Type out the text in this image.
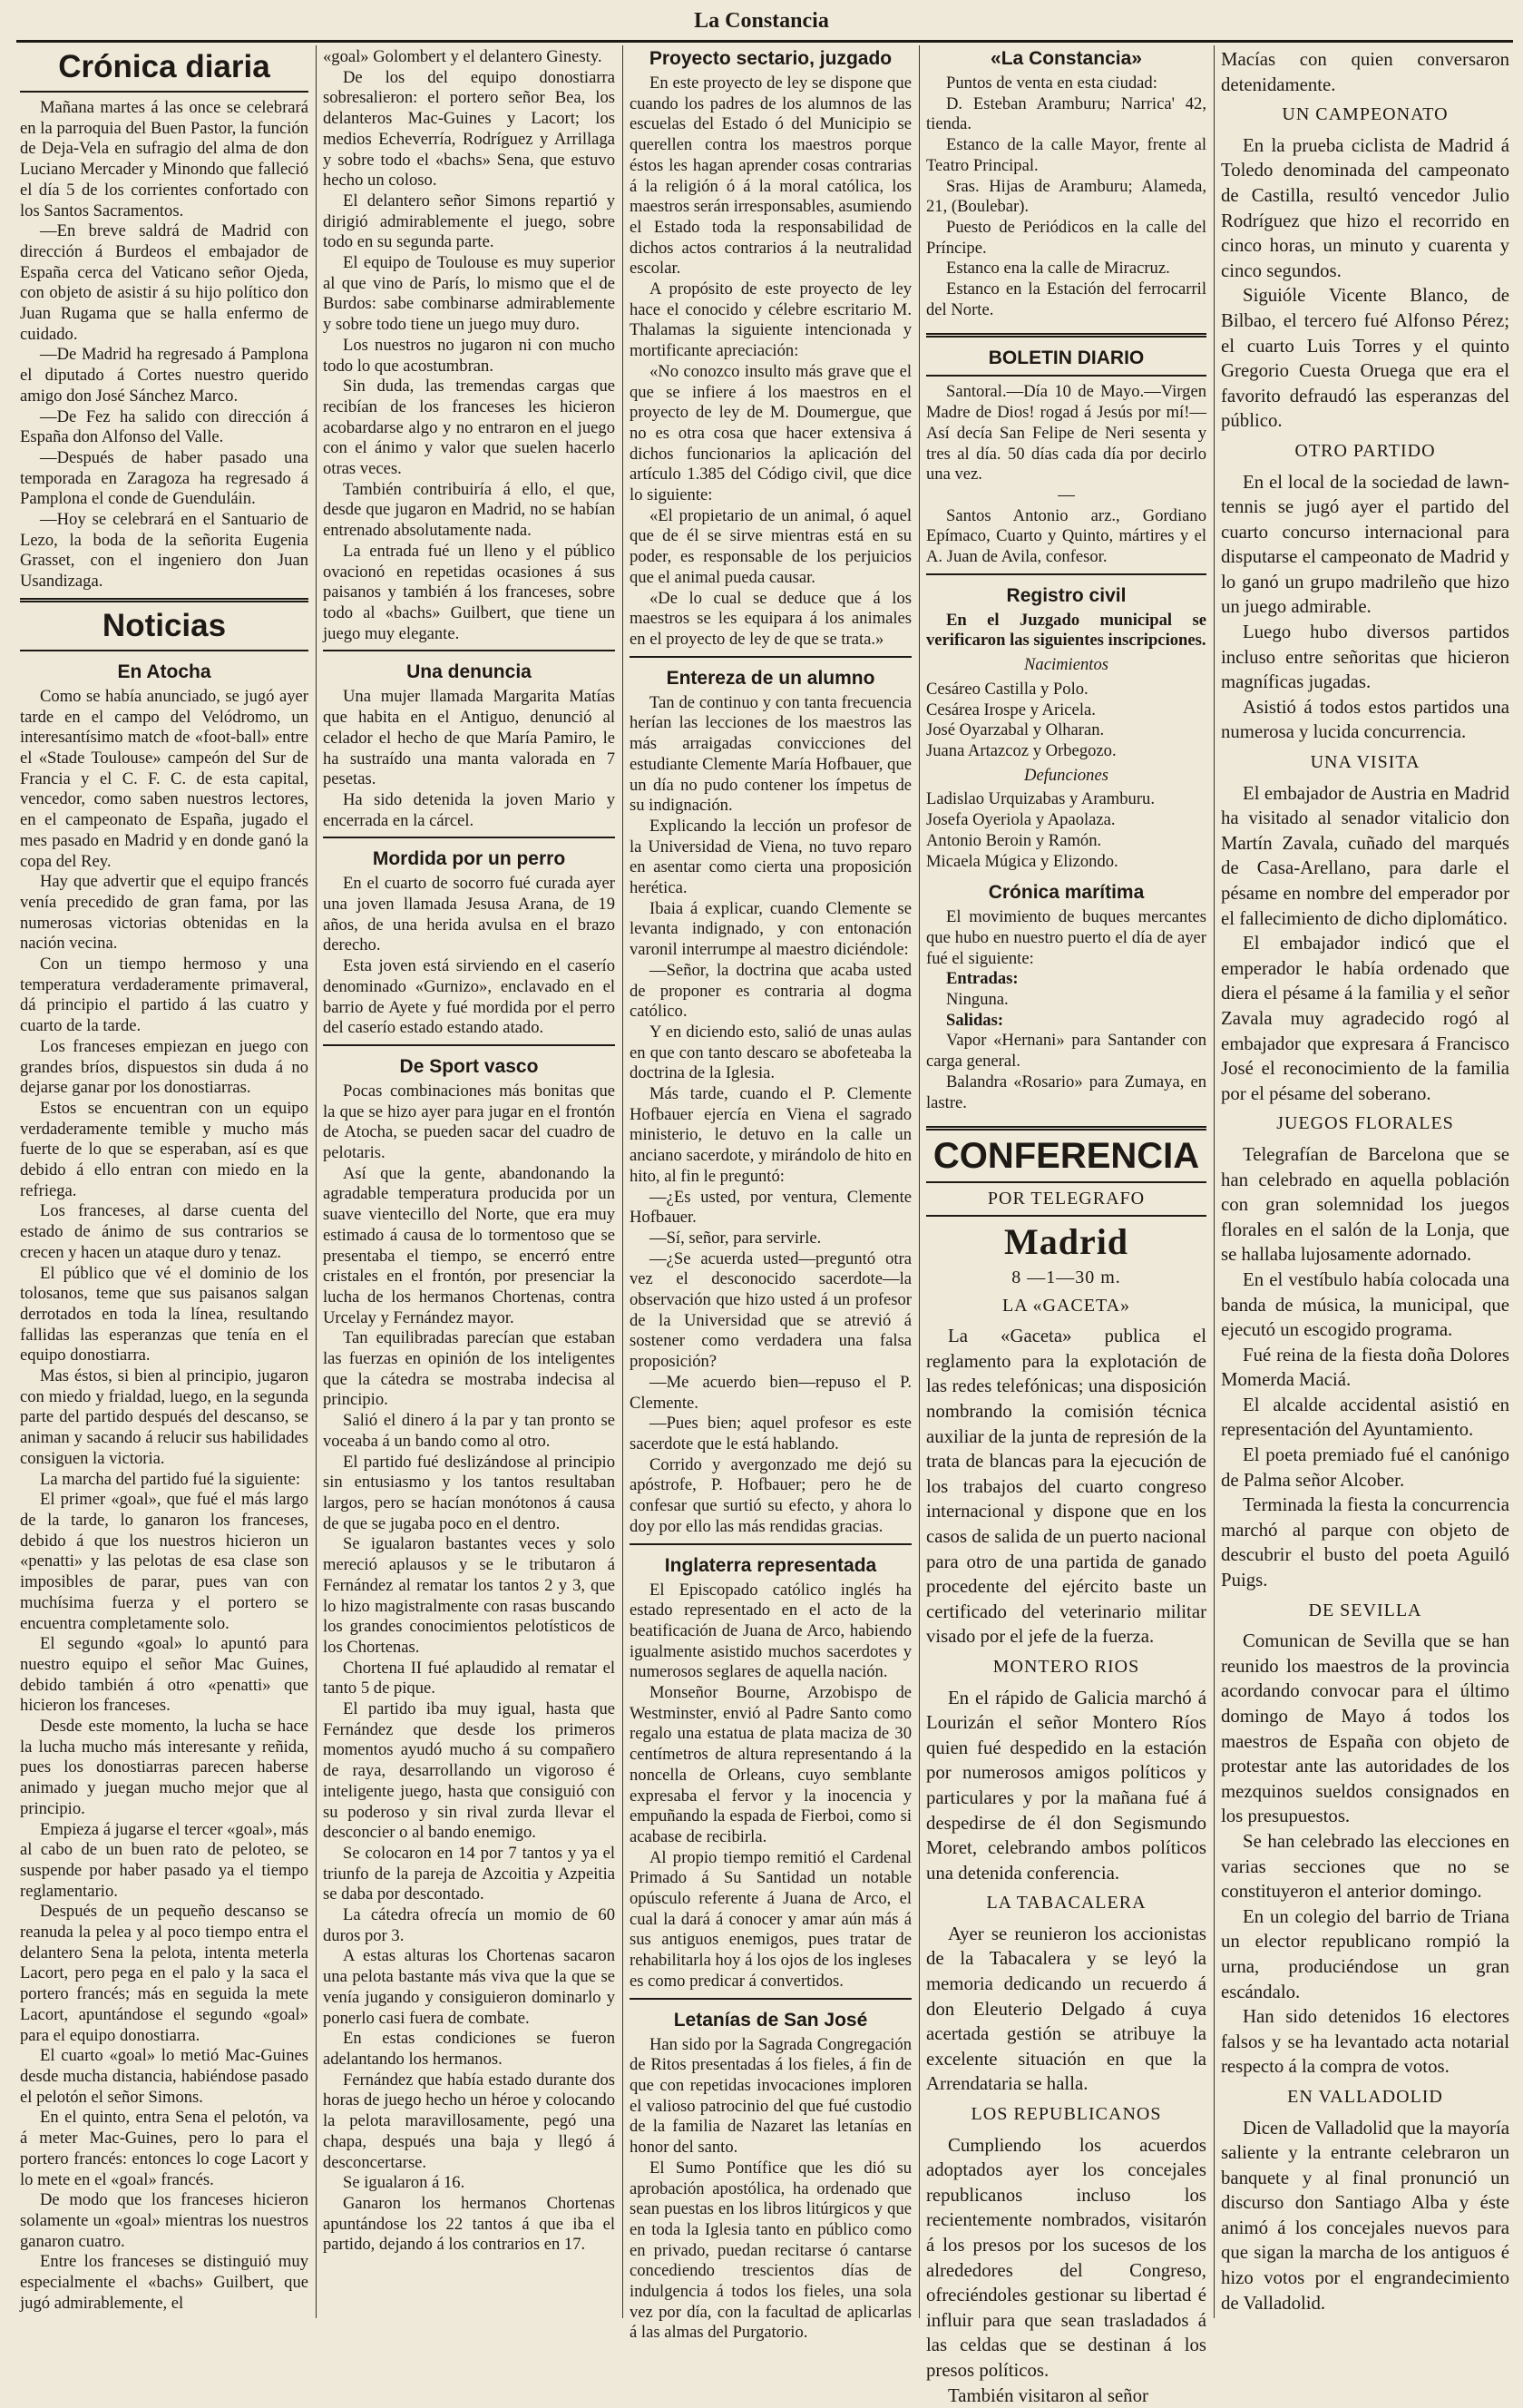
La Constancia
Crónica diaria

Mañana martes á las once se celebrará en la parroquia del Buen Pastor, la función de Deja-Vela en sufragio del alma de don Luciano Mercader y Minondo que falleció el día 5 de los corrientes confortado con los Santos Sacramentos.

—En breve saldrá de Madrid con dirección á Burdeos el embajador de España cerca del Vaticano señor Ojeda, con objeto de asistir á su hijo político don Juan Rugama que se halla enfermo de cuidado.

—De Madrid ha regresado á Pamplona el diputado á Cortes nuestro querido amigo don José Sánchez Marco.

—De Fez ha salido con dirección á España don Alfonso del Valle.

—Después de haber pasado una temporada en Zaragoza ha regresado á Pamplona el conde de Guenduláin.

—Hoy se celebrará en el Santuario de Lezo, la boda de la señorita Eugenia Grasset, con el ingeniero don Juan Usandizaga.

Noticias
En Atocha

Como se había anunciado, se jugó ayer tarde en el campo del Velódromo, un interesantísimo match de «foot-ball» entre el «Stade Toulouse» campeón del Sur de Francia y el C. F. C. de esta capital, vencedor, como saben nuestros lectores, en el campeonato de España, jugado el mes pasado en Madrid y en donde ganó la copa del Rey.

Hay que advertir que el equipo francés venía precedido de gran fama, por las numerosas victorias obtenidas en la nación vecina.

Con un tiempo hermoso y una temperatura verdaderamente primaveral, dá principio el partido á las cuatro y cuarto de la tarde.

Los franceses empiezan en juego con grandes bríos, dispuestos sin duda á no dejarse ganar por los donostiarras.

Estos se encuentran con un equipo verdaderamente temible y mucho más fuerte de lo que se esperaban, así es que debido á ello entran con miedo en la refriega.

Los franceses, al darse cuenta del estado de ánimo de sus contrarios se crecen y hacen un ataque duro y tenaz.

El público que vé el dominio de los tolosanos, teme que sus paisanos salgan derrotados en toda la línea, resultando fallidas las esperanzas que tenía en el equipo donostiarra.

Mas éstos, si bien al principio, jugaron con miedo y frialdad, luego, en la segunda parte del partido después del descanso, se animan y sacando á relucir sus habilidades consiguen la victoria.

La marcha del partido fué la siguiente:

El primer «goal», que fué el más largo de la tarde, lo ganaron los franceses, debido á que los nuestros hicieron un «penatti» y las pelotas de esa clase son imposibles de parar, pues van con muchísima fuerza y el portero se encuentra completamente solo.

El segundo «goal» lo apuntó para nuestro equipo el señor Mac Guines, debido también á otro «penatti» que hicieron los franceses.

Desde este momento, la lucha se hace la lucha mucho más interesante y reñida, pues los donostiarras parecen haberse animado y juegan mucho mejor que al principio.

Empieza á jugarse el tercer «goal», más al cabo de un buen rato de peloteo, se suspende por haber pasado ya el tiempo reglamentario.

Después de un pequeño descanso se reanuda la pelea y al poco tiempo entra el delantero Sena la pelota, intenta meterla Lacort, pero pega en el palo y la saca el portero francés; más en seguida la mete Lacort, apuntándose el segundo «goal» para el equipo donostiarra.

El cuarto «goal» lo metió Mac-Guines desde mucha distancia, habiéndose pasado el pelotón el señor Simons.

En el quinto, entra Sena el pelotón, va á meter Mac-Guines, pero lo para el portero francés: entonces lo coge Lacort y lo mete en el «goal» francés.

De modo que los franceses hicieron solamente un «goal» mientras los nuestros ganaron cuatro.

Entre los franceses se distinguió muy especialmente el «bachs» Guilbert, que jugó admirablemente, el

«goal» Golombert y el delantero Ginesty.

De los del equipo donostiarra sobresalieron: el portero señor Bea, los delanteros Mac-Guines y Lacort; los medios Echeverría, Rodríguez y Arrillaga y sobre todo el «bachs» Sena, que estuvo hecho un coloso.

El delantero señor Simons repartió y dirigió admirablemente el juego, sobre todo en su segunda parte.

El equipo de Toulouse es muy superior al que vino de París, lo mismo que el de Burdos: sabe combinarse admirablemente y sobre todo tiene un juego muy duro.

Los nuestros no jugaron ni con mucho todo lo que acostumbran.

Sin duda, las tremendas cargas que recibían de los franceses les hicieron acobardarse algo y no entraron en el juego con el ánimo y valor que suelen hacerlo otras veces.

También contribuiría á ello, el que, desde que jugaron en Madrid, no se habían entrenado absolutamente nada.

La entrada fué un lleno y el público ovacionó en repetidas ocasiones á sus paisanos y también á los franceses, sobre todo al «bachs» Guilbert, que tiene un juego muy elegante.

Una denuncia

Una mujer llamada Margarita Matías que habita en el Antiguo, denunció al celador el hecho de que María Pamiro, le ha sustraído una manta valorada en 7 pesetas.

Ha sido detenida la joven Mario y encerrada en la cárcel.

Mordida por un perro

En el cuarto de socorro fué curada ayer una joven llamada Jesusa Arana, de 19 años, de una herida avulsa en el brazo derecho.

Esta joven está sirviendo en el caserío denominado «Gurnizo», enclavado en el barrio de Ayete y fué mordida por el perro del caserío estado estando atado.

De Sport vasco

Pocas combinaciones más bonitas que la que se hizo ayer para jugar en el frontón de Atocha, se pueden sacar del cuadro de pelotaris.

Así que la gente, abandonando la agradable temperatura producida por un suave vientecillo del Norte, que era muy estimado á causa de lo tormentoso que se presentaba el tiempo, se encerró entre cristales en el frontón, por presenciar la lucha de los hermanos Chortenas, contra Urcelay y Fernández mayor.

Tan equilibradas parecían que estaban las fuerzas en opinión de los inteligentes que la cátedra se mostraba indecisa al principio.

Salió el dinero á la par y tan pronto se voceaba á un bando como al otro.

El partido fué deslizándose al principio sin entusiasmo y los tantos resultaban largos, pero se hacían monótonos á causa de que se jugaba poco en el dentro.

Se igualaron bastantes veces y solo mereció aplausos y se le tributaron á Fernández al rematar los tantos 2 y 3, que lo hizo magistralmente con rasas buscando los grandes conocimientos pelotísticos de los Chortenas.

Chortena II fué aplaudido al rematar el tanto 5 de pique.

El partido iba muy igual, hasta que Fernández que desde los primeros momentos ayudó mucho á su compañero de raya, desarrollando un vigoroso é inteligente juego, hasta que consiguió con su poderoso y sin rival zurda llevar el desconcier o al bando enemigo.

Se colocaron en 14 por 7 tantos y ya el triunfo de la pareja de Azcoitia y Azpeitia se daba por descontado.

La cátedra ofrecía un momio de 60 duros por 3.

A estas alturas los Chortenas sacaron una pelota bastante más viva que la que se venía jugando y consiguieron dominarlo y ponerlo casi fuera de combate.

En estas condiciones se fueron adelantando los hermanos.

Fernández que había estado durante dos horas de juego hecho un héroe y colocando la pelota maravillosamente, pegó una chapa, después una baja y llegó á desconcertarse.

Se igualaron á 16.

Ganaron los hermanos Chortenas apuntándose los 22 tantos á que iba el partido, dejando á los contrarios en 17.

Proyecto sectario, juzgado

En este proyecto de ley se dispone que cuando los padres de los alumnos de las escuelas del Estado ó del Municipio se querellen contra los maestros porque éstos les hagan aprender cosas contrarias á la religión ó á la moral católica, los maestros serán irresponsables, asumiendo el Estado toda la responsabilidad de dichos actos contrarios á la neutralidad escolar.

A propósito de este proyecto de ley hace el conocido y célebre escritario M. Thalamas la siguiente intencionada y mortificante apreciación:

«No conozco insulto más grave que el que se infiere á los maestros en el proyecto de ley de M. Doumergue, que no es otra cosa que hacer extensiva á dichos funcionarios la aplicación del artículo 1.385 del Código civil, que dice lo siguiente:

«El propietario de un animal, ó aquel que de él se sirve mientras está en su poder, es responsable de los perjuicios que el animal pueda causar.

«De lo cual se deduce que á los maestros se les equipara á los animales en el proyecto de ley de que se trata.»

Entereza de un alumno

Tan de continuo y con tanta frecuencia herían las lecciones de los maestros las más arraigadas convicciones del estudiante Clemente María Hofbauer, que un día no pudo contener los ímpetus de su indignación.

Explicando la lección un profesor de la Universidad de Viena, no tuvo reparo en asentar como cierta una proposición herética.

Ibaia á explicar, cuando Clemente se levanta indignado, y con entonación varonil interrumpe al maestro diciéndole:

—Señor, la doctrina que acaba usted de proponer es contraria al dogma católico.

Y en diciendo esto, salió de unas aulas en que con tanto descaro se abofeteaba la doctrina de la Iglesia.

Más tarde, cuando el P. Clemente Hofbauer ejercía en Viena el sagrado ministerio, le detuvo en la calle un anciano sacerdote, y mirándolo de hito en hito, al fin le preguntó:

—¿Es usted, por ventura, Clemente Hofbauer.

—Sí, señor, para servirle.

—¿Se acuerda usted—preguntó otra vez el desconocido sacerdote—la observación que hizo usted á un profesor de la Universidad que se atrevió á sostener como verdadera una falsa proposición?

—Me acuerdo bien—repuso el P. Clemente.

—Pues bien; aquel profesor es este sacerdote que le está hablando.

Corrido y avergonzado me dejó su apóstrofe, P. Hofbauer; pero he de confesar que surtió su efecto, y ahora lo doy por ello las más rendidas gracias.

Inglaterra representada

El Episcopado católico inglés ha estado representado en el acto de la beatificación de Juana de Arco, habiendo igualmente asistido muchos sacerdotes y numerosos seglares de aquella nación.

Monseñor Bourne, Arzobispo de Westminster, envió al Padre Santo como regalo una estatua de plata maciza de 30 centímetros de altura representando á la noncella de Orleans, cuyo semblante expresaba el fervor y la inocencia y empuñando la espada de Fierboi, como si acabase de recibirla.

Al propio tiempo remitió el Cardenal Primado á Su Santidad un notable opúsculo referente á Juana de Arco, el cual la dará á conocer y amar aún más á sus antiguos enemigos, pues tratar de rehabilitarla hoy á los ojos de los ingleses es como predicar á convertidos.

Letanías de San José

Han sido por la Sagrada Congregación de Ritos presentadas á los fieles, á fin de que con repetidas invocaciones imploren el valioso patrocinio del que fué custodio de la familia de Nazaret las letanías en honor del santo.

El Sumo Pontífice que les dió su aprobación apostólica, ha ordenado que sean puestas en los libros litúrgicos y que en toda la Iglesia tanto en público como en privado, puedan recitarse ó cantarse concediendo trescientos días de indulgencia á todos los fieles, una sola vez por día, con la facultad de aplicarlas á las almas del Purgatorio.

«La Constancia»

Puntos de venta en esta ciudad:

D. Esteban Aramburu; Narrica' 42, tienda.

Estanco de la calle Mayor, frente al Teatro Principal.

Sras. Hijas de Aramburu; Alameda, 21, (Boulebar).

Puesto de Periódicos en la calle del Príncipe.

Estanco ena la calle de Miracruz.

Estanco en la Estación del ferrocarril del Norte.

BOLETIN DIARIO

Santoral.—Día 10 de Mayo.—Virgen Madre de Dios! rogad á Jesús por mí!—Así decía San Felipe de Neri sesenta y tres al día. 50 días cada día por decirlo una vez.

—

Santos Antonio arz., Gordiano Epímaco, Cuarto y Quinto, mártires y el A. Juan de Avila, confesor.

Registro civil

En el Juzgado municipal se verificaron las siguientes inscripciones.

Nacimientos

Cesáreo Castilla y Polo.

Cesárea Irospe y Aricela.

José Oyarzabal y Olharan.

Juana Artazcoz y Orbegozo.

Defunciones

Ladislao Urquizabas y Aramburu.

Josefa Oyeriola y Apaolaza.

Antonio Beroin y Ramón.

Micaela Múgica y Elizondo.

Crónica marítima

El movimiento de buques mercantes que hubo en nuestro puerto el día de ayer fué el siguiente:

Entradas:

Ninguna.

Salidas:

Vapor «Hernani» para Santander con carga general.

Balandra «Rosario» para Zumaya, en lastre.

CONFERENCIA
POR TELEGRAFO
Madrid
8 —1—30 m.
LA «GACETA»

La «Gaceta» publica el reglamento para la explotación de las redes telefónicas; una disposición nombrando la comisión técnica auxiliar de la junta de represión de la trata de blancas para la ejecución de los trabajos del cuarto congreso internacional y dispone que en los casos de salida de un puerto nacional para otro de una partida de ganado procedente del ejército baste un certificado del veterinario militar visado por el jefe de la fuerza.

MONTERO RIOS

En el rápido de Galicia marchó á Lourizán el señor Montero Ríos quien fué despedido en la estación por numerosos amigos políticos y particulares y por la mañana fué á despedirse de él don Segismundo Moret, celebrando ambos políticos una detenida conferencia.

LA TABACALERA

Ayer se reunieron los accionistas de la Tabacalera y se leyó la memoria dedicando un recuerdo á don Eleuterio Delgado á cuya acertada gestión se atribuye la excelente situación en que la Arrendataria se halla.

LOS REPUBLICANOS

Cumpliendo los acuerdos adoptados ayer los concejales republicanos incluso los recientemente nombrados, visitarón á los presos por los sucesos de los alrededores del Congreso, ofreciéndoles gestionar su libertad é influir para que sean trasladados á las celdas que se destinan á los presos políticos.

También visitaron al señor

Macías con quien conversaron detenidamente.

UN CAMPEONATO

En la prueba ciclista de Madrid á Toledo denominada del campeonato de Castilla, resultó vencedor Julio Rodríguez que hizo el recorrido en cinco horas, un minuto y cuarenta y cinco segundos.

Siguióle Vicente Blanco, de Bilbao, el tercero fué Alfonso Pérez; el cuarto Luis Torres y el quinto Gregorio Cuesta Oruega que era el favorito defraudó las esperanzas del público.

OTRO PARTIDO

En el local de la sociedad de lawn-tennis se jugó ayer el partido del cuarto concurso internacional para disputarse el campeonato de Madrid y lo ganó un grupo madrileño que hizo un juego admirable.

Luego hubo diversos partidos incluso entre señoritas que hicieron magníficas jugadas.

Asistió á todos estos partidos una numerosa y lucida concurrencia.

UNA VISITA

El embajador de Austria en Madrid ha visitado al senador vitalicio don Martín Zavala, cuñado del marqués de Casa-Arellano, para darle el pésame en nombre del emperador por el fallecimiento de dicho diplomático.

El embajador indicó que el emperador le había ordenado que diera el pésame á la familia y el señor Zavala muy agradecido rogó al embajador que expresara á Francisco José el reconocimiento de la familia por el pésame del soberano.

JUEGOS FLORALES

Telegrafían de Barcelona que se han celebrado en aquella población con gran solemnidad los juegos florales en el salón de la Lonja, que se hallaba lujosamente adornado.

En el vestíbulo había colocada una banda de música, la municipal, que ejecutó un escogido programa.

Fué reina de la fiesta doña Dolores Momerda Maciá.

El alcalde accidental asistió en representación del Ayuntamiento.

El poeta premiado fué el canónigo de Palma señor Alcober.

Terminada la fiesta la concurrencia marchó al parque con objeto de descubrir el busto del poeta Aguiló Puigs.

DE SEVILLA

Comunican de Sevilla que se han reunido los maestros de la provincia acordando convocar para el último domingo de Mayo á todos los maestros de España con objeto de protestar ante las autoridades de los mezquinos sueldos consignados en los presupuestos.

Se han celebrado las elecciones en varias secciones que no se constituyeron el anterior domingo.

En un colegio del barrio de Triana un elector republicano rompió la urna, produciéndose un gran escándalo.

Han sido detenidos 16 electores falsos y se ha levantado acta notarial respecto á la compra de votos.

EN VALLADOLID

Dicen de Valladolid que la mayoría saliente y la entrante celebraron un banquete y al final pronunció un discurso don Santiago Alba y éste animó á los concejales nuevos para que sigan la marcha de los antiguos é hizo votos por el engrandecimiento de Valladolid.
